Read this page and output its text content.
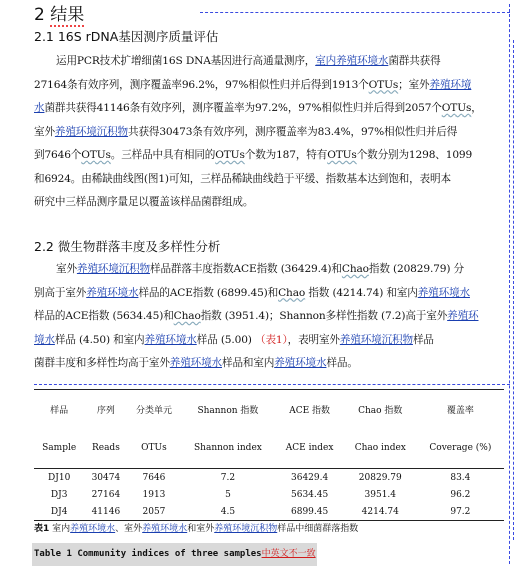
2 结果
2.1 16S rDNA基因测序质量评估

运用PCR技术扩增细菌16S DNA基因进行高通量测序，室内养殖环境水菌群共获得

27164条有效序列，测序覆盖率96.2%，97%相似性归并后得到1913个OTUs；室外养殖环境

水菌群共获得41146条有效序列，测序覆盖率为97.2%，97%相似性归并后得到2057个OTUs，

室外养殖环境沉积物共获得30473条有效序列，测序覆盖率为83.4%，97%相似性归并后得

到7646个OTUs。三样品中具有相同的OTUs个数为187，特有OTUs个数分别为1298、1099

和6924。由稀缺曲线图(图1)可知，三样品稀缺曲线趋于平缓、指数基本达到饱和，表明本

研究中三样品测序量足以覆盖该样品菌群组成。

2.2 微生物群落丰度及多样性分析

室外养殖环境沉积物样品群落丰度指数ACE指数 (36429.4)和Chao指数 (20829.79) 分

别高于室外养殖环境水样品的ACE指数 (6899.45)和Chao 指数 (4214.74) 和室内养殖环境水

样品的ACE指数 (5634.45)和Chao指数 (3951.4)；Shannon多样性指数 (7.2)高于室外养殖环

境水样品 (4.50) 和室内养殖环境水样品 (5.00) （表1），表明室外养殖环境沉积物样品

菌群丰度和多样性均高于室外养殖环境水样品和室内养殖环境水样品。

样品	序列	分类单元	Shannon 指数	ACE 指数	Chao 指数	覆盖率
Sample	Reads	OTUs	Shannon index	ACE index	Chao index	Coverage (%)
DJ10	30474	7646	7.2	36429.4	20829.79	83.4
DJ3	27164	1913	5	5634.45	3951.4	96.2
DJ4	41146	2057	4.5	6899.45	4214.74	97.2
表1 室内养殖环境水、室外养殖环境水和室外养殖环境沉积物样品中细菌群落指数
Table 1 Community indices of three samples中英文不一致
